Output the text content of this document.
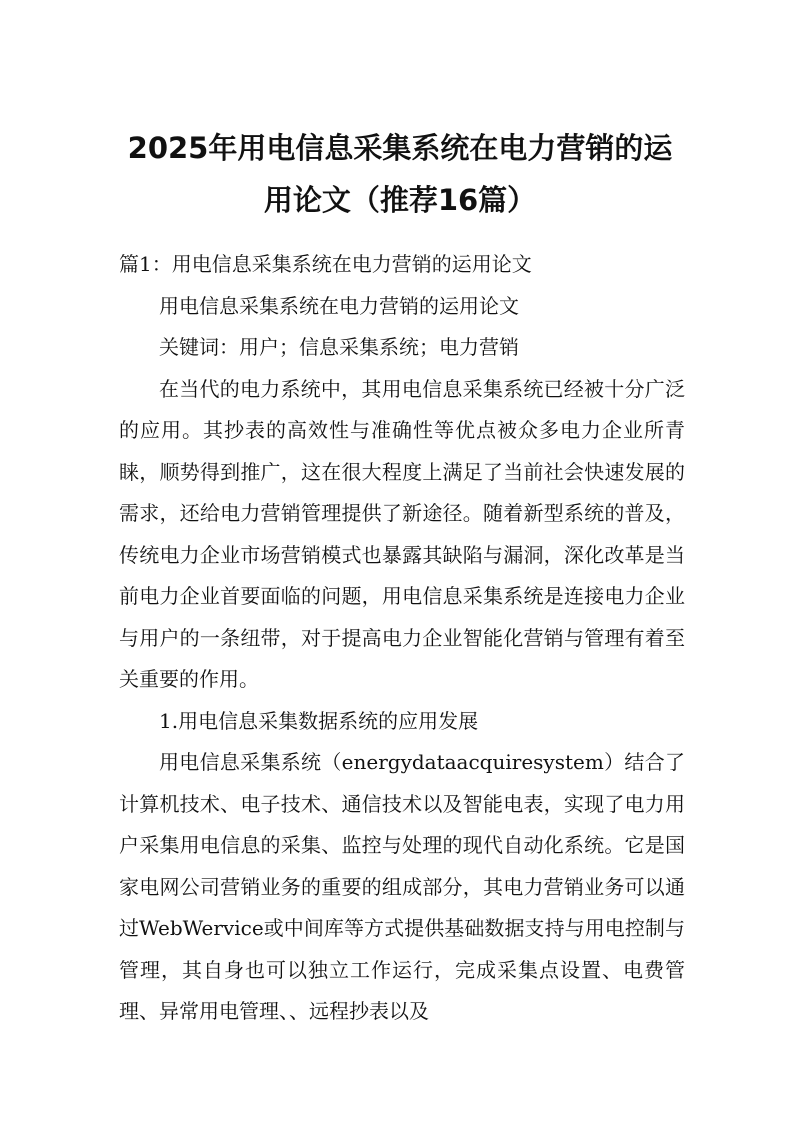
2025年用电信息采集系统在电力营销的运
用论文（推荐16篇）

篇1：用电信息采集系统在电力营销的运用论文

用电信息采集系统在电力营销的运用论文

关键词：用户；信息采集系统；电力营销

在当代的电力系统中，其用电信息采集系统已经被十分广泛的应用。其抄表的高效性与准确性等优点被众多电力企业所青睐，顺势得到推广，这在很大程度上满足了当前社会快速发展的需求，还给电力营销管理提供了新途径。随着新型系统的普及，传统电力企业市场营销模式也暴露其缺陷与漏洞，深化改革是当前电力企业首要面临的问题，用电信息采集系统是连接电力企业与用户的一条纽带，对于提高电力企业智能化营销与管理有着至关重要的作用。

1.用电信息采集数据系统的应用发展

用电信息采集系统（energydataacquiresystem）结合了计算机技术、电子技术、通信技术以及智能电表，实现了电力用户采集用电信息的采集、监控与处理的现代自动化系统。它是国家电网公司营销业务的重要的组成部分，其电力营销业务可以通过WebWervice或中间库等方式提供基础数据支持与用电控制与管理，其自身也可以独立工作运行，完成采集点设置、电费管理、异常用电管理、、远程抄表以及
